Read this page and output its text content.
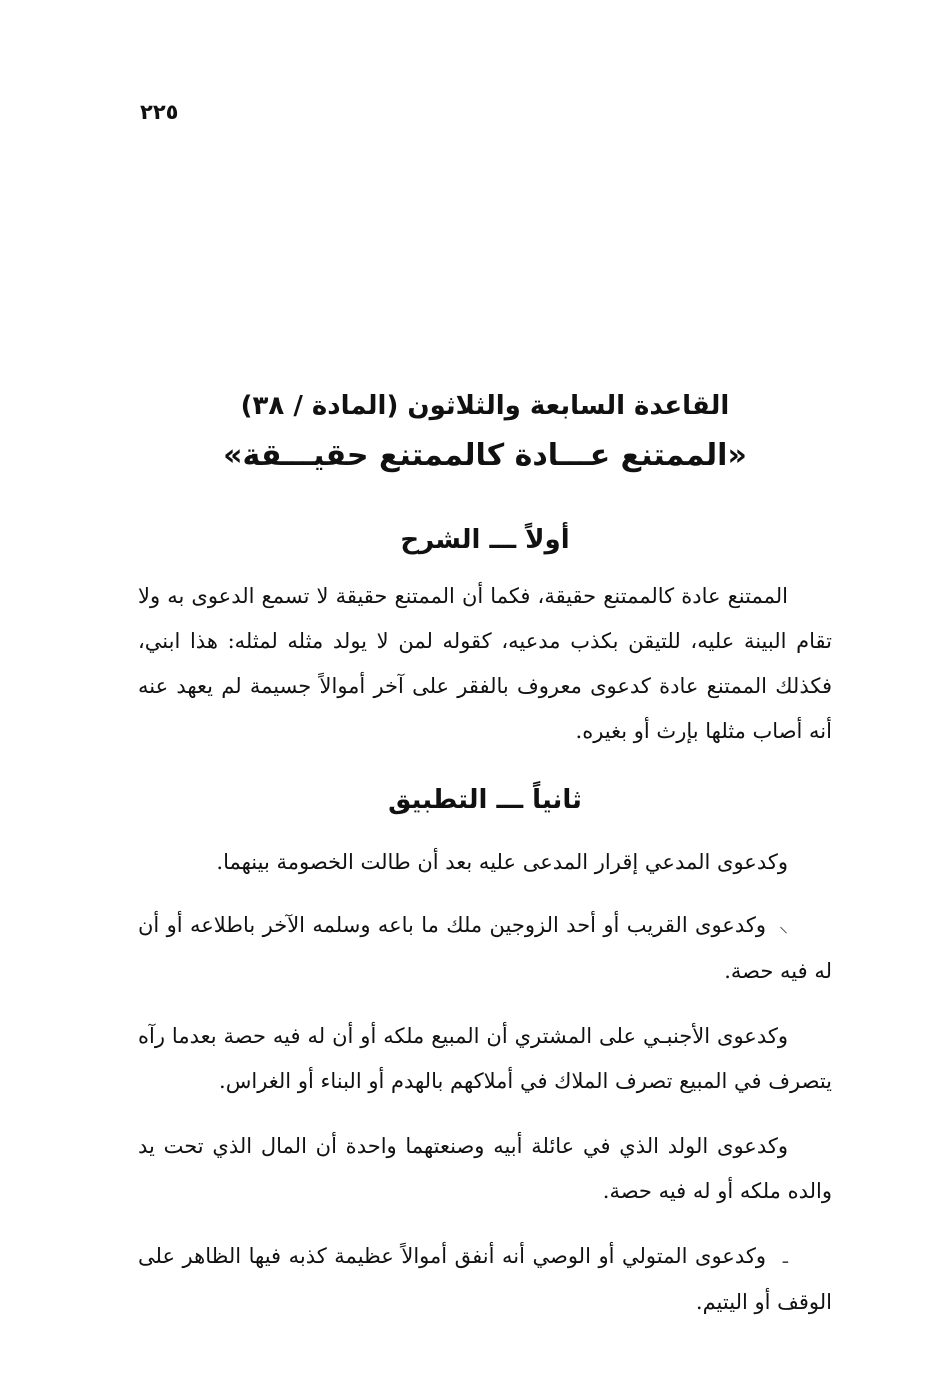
٢٢٥
القاعدة السابعة والثلاثون (المادة / ٣٨)
«الممتنع عـــادة كالممتنع حقيـــقة»
أولاً ـــ الشرح

الممتنع عادة كالممتنع حقيقة، فكما أن الممتنع حقيقة لا تسمع الدعوى به ولا تقام البينة عليه، للتيقن بكذب مدعيه، كقوله لمن لا يولد مثله لمثله: هذا ابني، فكذلك الممتنع عادة كدعوى معروف بالفقر على آخر أموالاً جسيمة لم يعهد عنه أنه أصاب مثلها بإرث أو بغيره.

ثانياً ـــ التطبيق

وكدعوى المدعي إقرار المدعى عليه بعد أن طالت الخصومة بينهما.

⸝وكدعوى القريب أو أحد الزوجين ملك ما باعه وسلمه الآخر باطلاعه أو أن له فيه حصة.

وكدعوى الأجنبـي على المشتري أن المبيع ملكه أو أن له فيه حصة بعدما رآه يتصرف في المبيع تصرف الملاك في أملاكهم بالهدم أو البناء أو الغراس.

وكدعوى الولد الذي في عائلة أبيه وصنعتهما واحدة أن المال الذي تحت يد والده ملكه أو له فيه حصة.

ـوكدعوى المتولي أو الوصي أنه أنفق أموالاً عظيمة كذبه فيها الظاهر على الوقف أو اليتيم.
